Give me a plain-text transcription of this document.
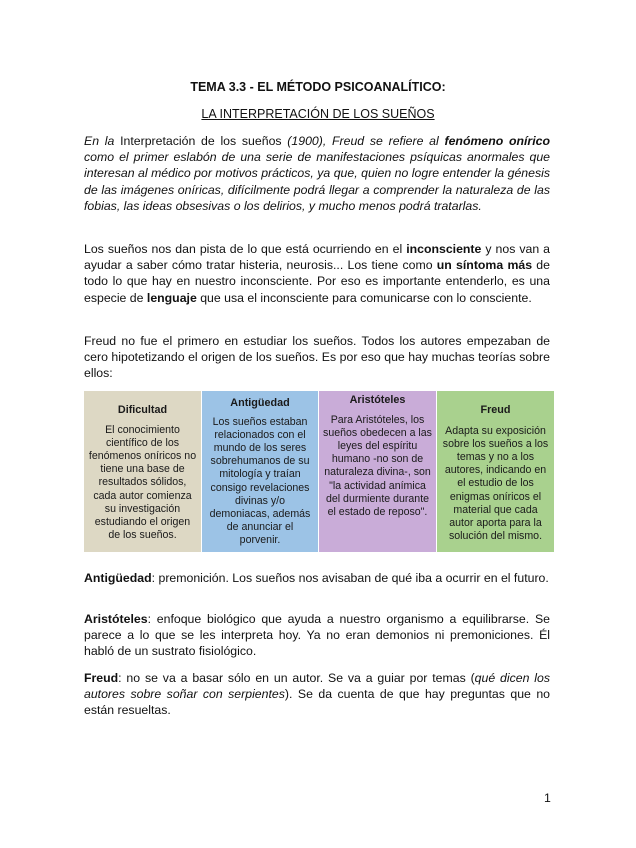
TEMA 3.3 - EL MÉTODO PSICOANALÍTICO:
LA INTERPRETACIÓN DE LOS SUEÑOS

En la Interpretación de los sueños (1900), Freud se refiere al fenómeno onírico como el primer eslabón de una serie de manifestaciones psíquicas anormales que interesan al médico por motivos prácticos, ya que, quien no logre entender la génesis de las imágenes oníricas, difícilmente podrá llegar a comprender la naturaleza de las fobias, las ideas obsesivas o los delirios, y mucho menos podrá tratarlas.

Los sueños nos dan pista de lo que está ocurriendo en el inconsciente y nos van a ayudar a saber cómo tratar histeria, neurosis... Los tiene como un síntoma más de todo lo que hay en nuestro inconsciente. Por eso es importante entenderlo, es una especie de lenguaje que usa el inconsciente para comunicarse con lo consciente.

Freud no fue el primero en estudiar los sueños. Todos los autores empezaban de cero hipotetizando el origen de los sueños. Es por eso que hay muchas teorías sobre ellos:

Dificultad
El conocimiento científico de los fenómenos oníricos no tiene una base de resultados sólidos, cada autor comienza su investigación estudiando el origen de los sueños.
Antigüedad
Los sueños estaban relacionados con el mundo de los seres sobrehumanos de su mitología y traían consigo revelaciones divinas y/o demoniacas, además de anunciar el porvenir.
Aristóteles
Para Aristóteles, los sueños obedecen a las leyes del espíritu humano -no son de naturaleza divina-, son "la actividad anímica del durmiente durante el estado de reposo".
Freud
Adapta su exposición sobre los sueños a los temas y no a los autores, indicando en el estudio de los enigmas oníricos el material que cada autor aporta para la solución del mismo.

Antigüedad: premonición. Los sueños nos avisaban de qué iba a ocurrir en el futuro.

Aristóteles: enfoque biológico que ayuda a nuestro organismo a equilibrarse. Se parece a lo que se les interpreta hoy. Ya no eran demonios ni premoniciones. Él habló de un sustrato fisiológico.

Freud: no se va a basar sólo en un autor. Se va a guiar por temas (qué dicen los autores sobre soñar con serpientes). Se da cuenta de que hay preguntas que no están resueltas.

1
